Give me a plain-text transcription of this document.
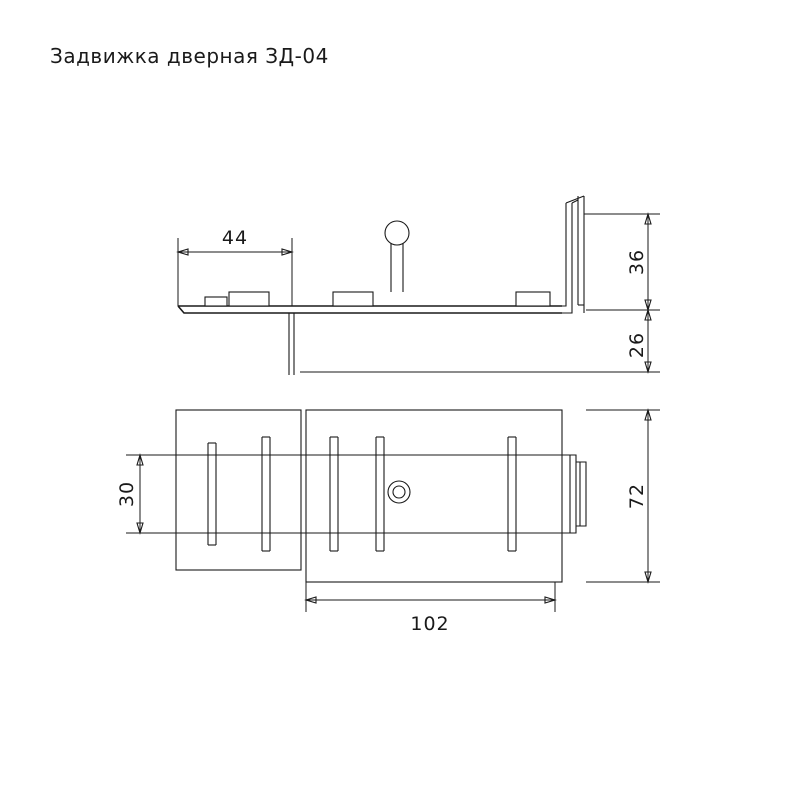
Задвижка дверная ЗД-04
44
36
26
30	72
102
